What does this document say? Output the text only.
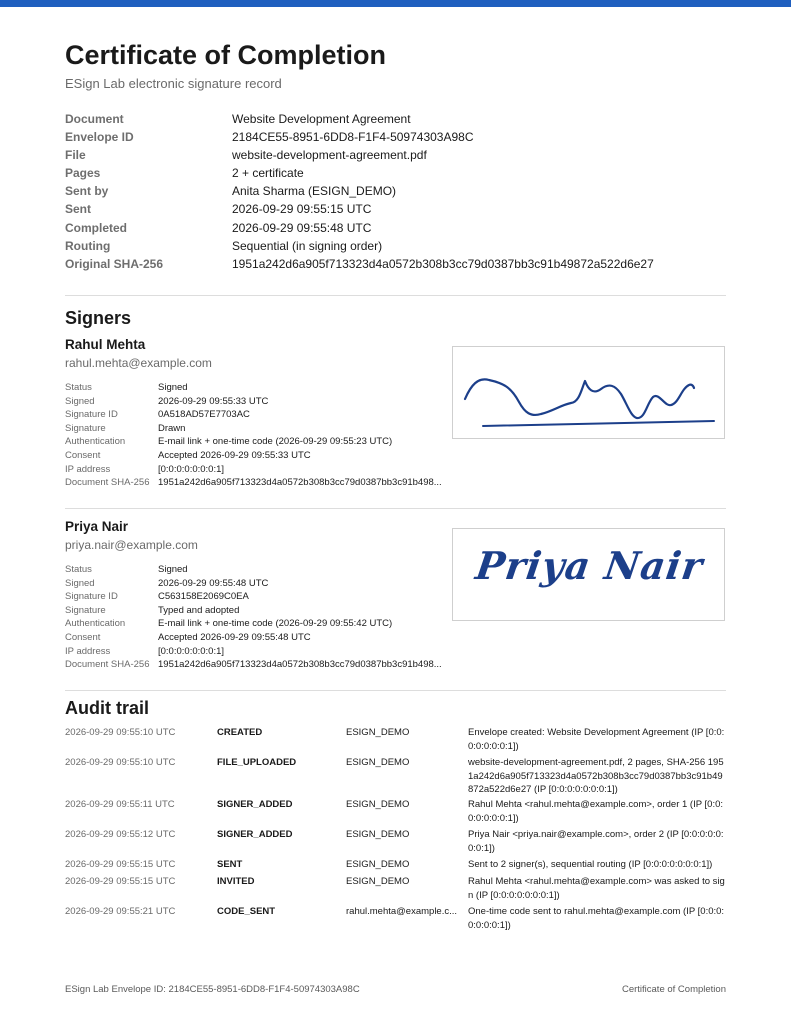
Certificate of Completion
ESign Lab electronic signature record
Document	Website Development Agreement
Envelope ID	2184CE55-8951-6DD8-F1F4-50974303A98C
File	website-development-agreement.pdf
Pages	2 + certificate
Sent by	Anita Sharma (ESIGN_DEMO)
Sent	2026-09-29 09:55:15 UTC
Completed	2026-09-29 09:55:48 UTC
Routing	Sequential (in signing order)
Original SHA-256	1951a242d6a905f713323d4a0572b308b3cc79d0387bb3c91b49872a522d6e27
Signers
Rahul Mehta
rahul.mehta@example.com
Status	Signed
Signed	2026-09-29 09:55:33 UTC
Signature ID	0A518AD57E7703AC
Signature	Drawn
Authentication	E-mail link + one-time code (2026-09-29 09:55:23 UTC)
Consent	Accepted 2026-09-29 09:55:33 UTC
IP address	[0:0:0:0:0:0:0:1]
Document SHA-256 1951a242d6a905f713323d4a0572b308b3cc79d0387bb3c91b498...
Priya Nair
priya.nair@example.com
Status	Signed
Signed	2026-09-29 09:55:48 UTC
Signature ID	C563158E2069C0EA
Signature	Typed and adopted
Authentication	E-mail link + one-time code (2026-09-29 09:55:42 UTC)
Consent	Accepted 2026-09-29 09:55:48 UTC
IP address	[0:0:0:0:0:0:0:1]
Document SHA-256 1951a242d6a905f713323d4a0572b308b3cc79d0387bb3c91b498...
Priya Nair
Audit trail
2026-09-29 09:55:10 UTC	CREATED	ESIGN_DEMO	Envelope created: Website Development Agreement (IP [0:0:0:0:0:0:0:1])
2026-09-29 09:55:10 UTC	FILE_UPLOADED	ESIGN_DEMO	website-development-agreement.pdf, 2 pages, SHA-256 1951a242d6a905f713323d4a0572b308b3cc79d0387bb3c91b49872a522d6e27 (IP [0:0:0:0:0:0:0:1])
2026-09-29 09:55:11 UTC	SIGNER_ADDED	ESIGN_DEMO	Rahul Mehta <rahul.mehta@example.com>, order 1 (IP [0:0:0:0:0:0:0:1])
2026-09-29 09:55:12 UTC	SIGNER_ADDED	ESIGN_DEMO	Priya Nair <priya.nair@example.com>, order 2 (IP [0:0:0:0:0:0:0:1])
2026-09-29 09:55:15 UTC	SENT	ESIGN_DEMO	Sent to 2 signer(s), sequential routing (IP [0:0:0:0:0:0:0:1])
2026-09-29 09:55:15 UTC	INVITED	ESIGN_DEMO	Rahul Mehta <rahul.mehta@example.com> was asked to sign (IP [0:0:0:0:0:0:0:1])
2026-09-29 09:55:21 UTC	CODE_SENT	rahul.mehta@example.c... One-time code sent to rahul.mehta@example.com (IP [0:0:0:0:0:0:0:1])
ESign Lab Envelope ID: 2184CE55-8951-6DD8-F1F4-50974303A98C	Certificate of Completion
